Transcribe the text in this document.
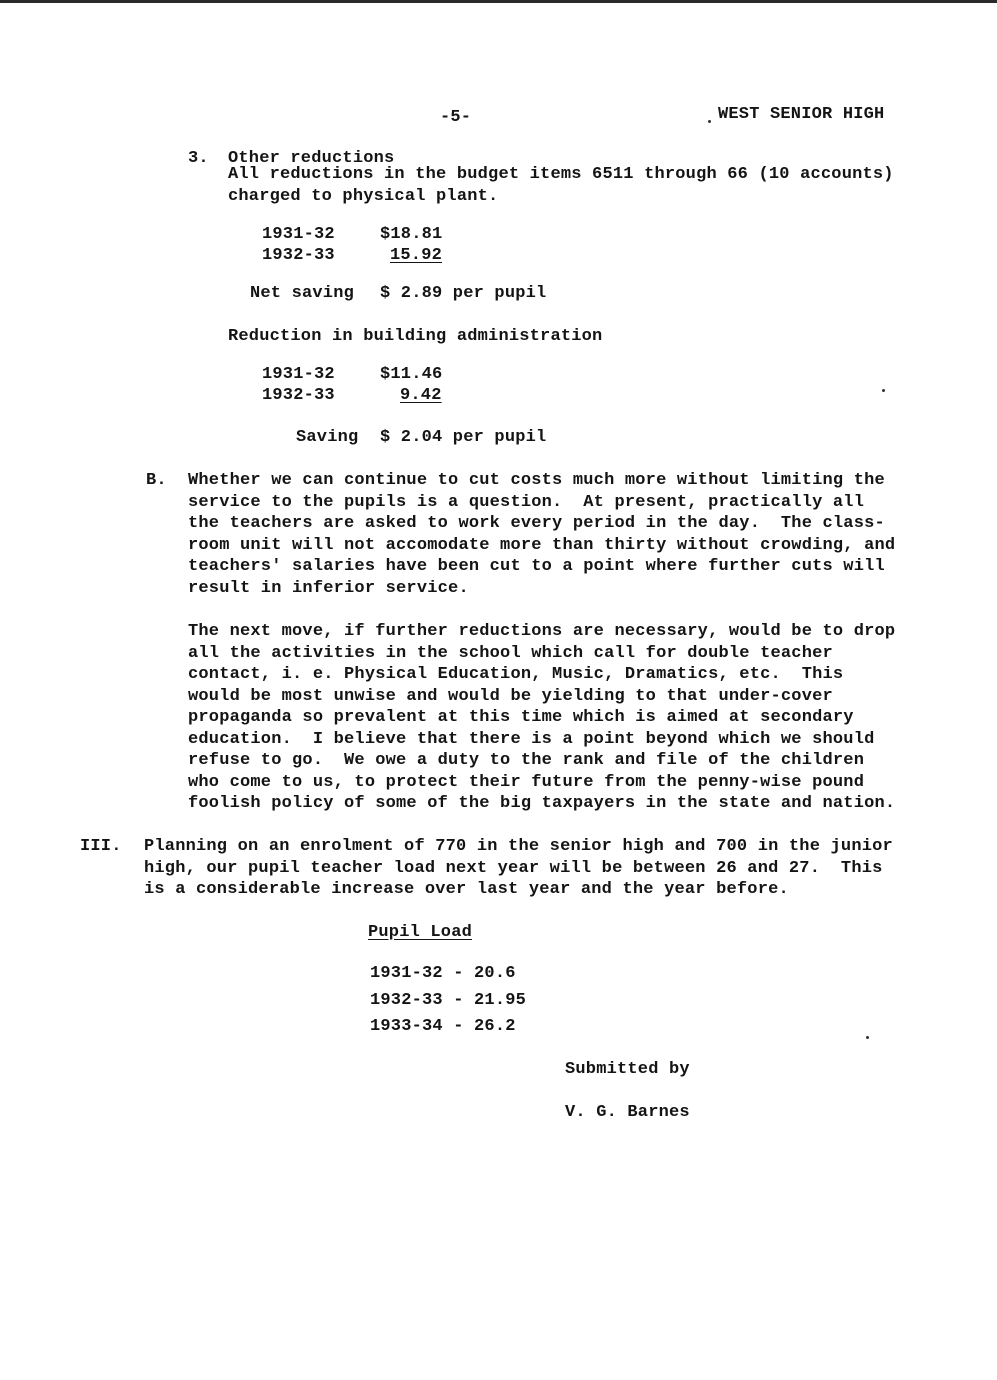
-5-	WEST SENIOR HIGH
3. Other reductions
All reductions in the budget items 6511 through 66 (10 accounts)
charged to physical plant.
1931-32	$18.81
1932-33	15.92
Net saving $ 2.89 per pupil
Reduction in building administration
1931-32	$11.46
1932-33	9.42
Saving $ 2.04 per pupil
B. Whether we can continue to cut costs much more without limiting the
service to the pupils is a question.  At present, practically all
the teachers are asked to work every period in the day.  The class-
room unit will not accomodate more than thirty without crowding, and
teachers' salaries have been cut to a point where further cuts will
result in inferior service.
The next move, if further reductions are necessary, would be to drop
all the activities in the school which call for double teacher
contact, i. e. Physical Education, Music, Dramatics, etc.  This
would be most unwise and would be yielding to that under-cover
propaganda so prevalent at this time which is aimed at secondary
education.  I believe that there is a point beyond which we should
refuse to go.  We owe a duty to the rank and file of the children
who come to us, to protect their future from the penny-wise pound
foolish policy of some of the big taxpayers in the state and nation.
III. Planning on an enrolment of 770 in the senior high and 700 in the junior
high, our pupil teacher load next year will be between 26 and 27.  This
is a considerable increase over last year and the year before.
Pupil Load
1931-32 - 20.6
1932-33 - 21.95
1933-34 - 26.2
Submitted by
V. G. Barnes
